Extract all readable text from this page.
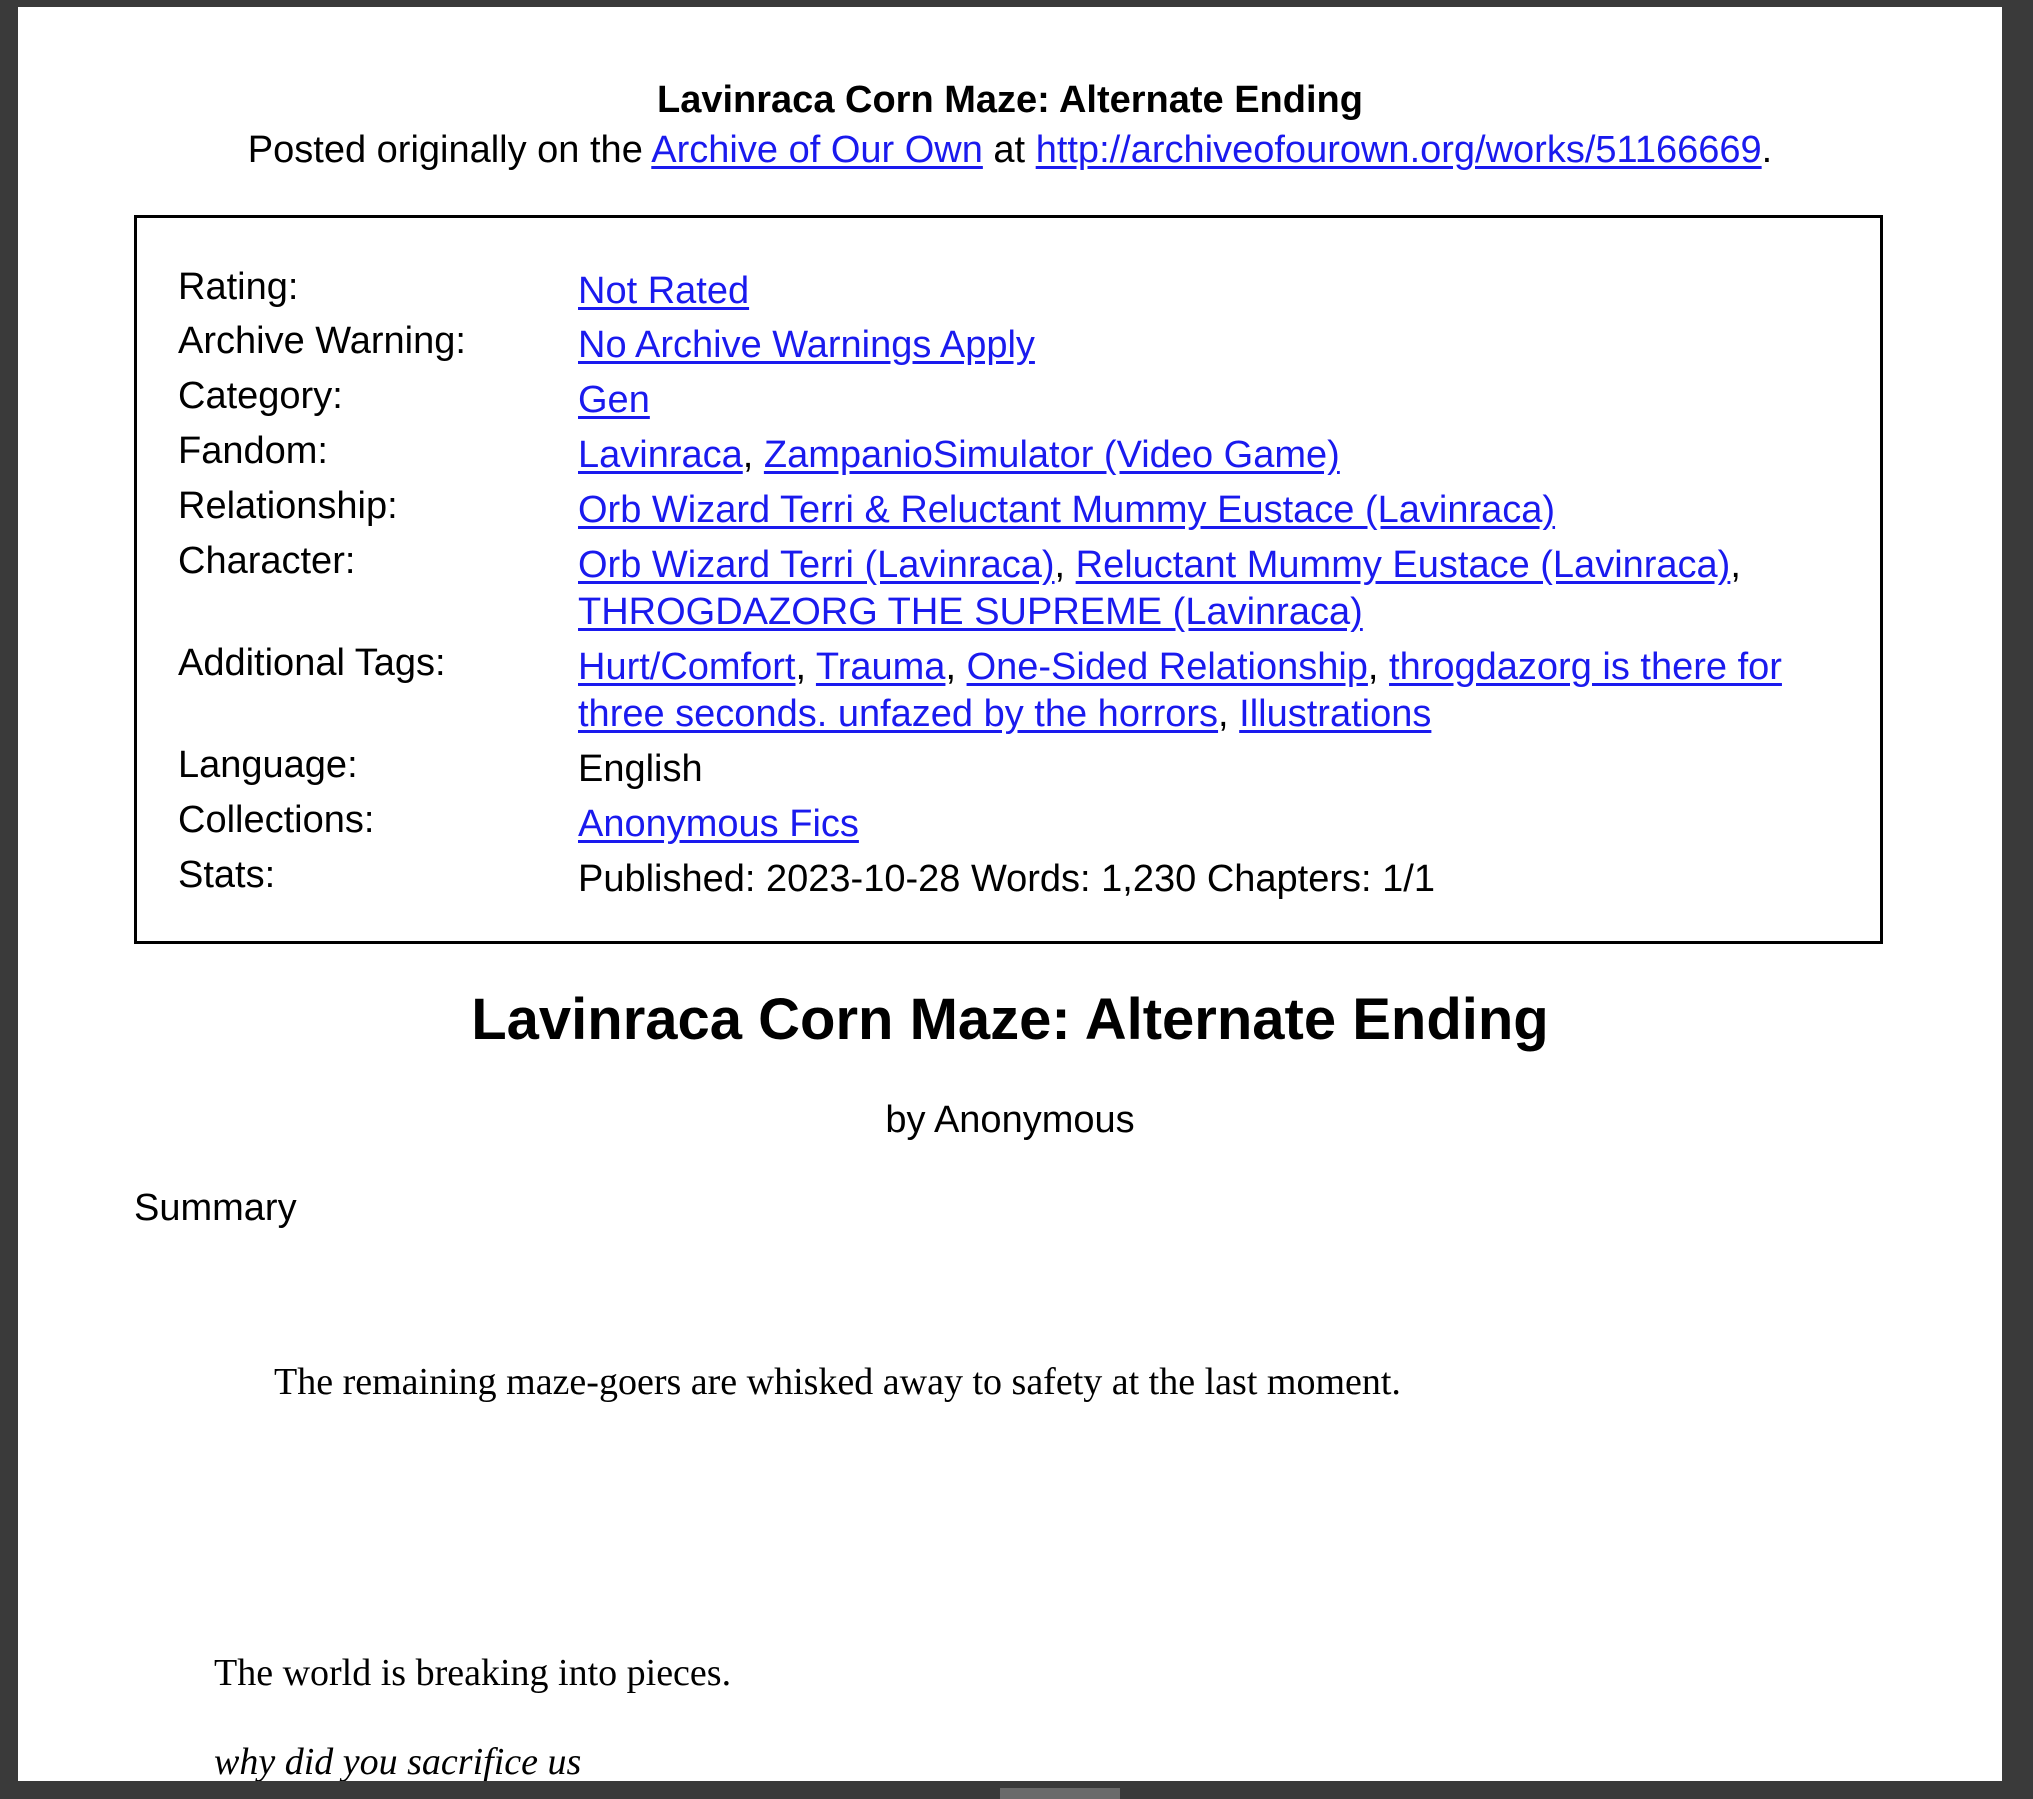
Lavinraca Corn Maze: Alternate Ending
Posted originally on the Archive of Our Own at http://archiveofourown.org/works/51166669.
Rating:	Not Rated
Archive Warning:	No Archive Warnings Apply
Category:	Gen
Fandom:	Lavinraca, ZampanioSimulator (Video Game)
Relationship:	Orb Wizard Terri & Reluctant Mummy Eustace (Lavinraca)
Character:	Orb Wizard Terri (Lavinraca), Reluctant Mummy Eustace (Lavinraca),
THROGDAZORG THE SUPREME (Lavinraca)
Additional Tags:	Hurt/Comfort, Trauma, One-Sided Relationship, throgdazorg is there for three seconds. unfazed by the horrors, Illustrations
Language:	English
Collections:	Anonymous Fics
Stats:	Published: 2023-10-28 Words: 1,230 Chapters: 1/1
Lavinraca Corn Maze: Alternate Ending
by Anonymous
Summary
The remaining maze-goers are whisked away to safety at the last moment.
The world is breaking into pieces.
why did you sacrifice us
